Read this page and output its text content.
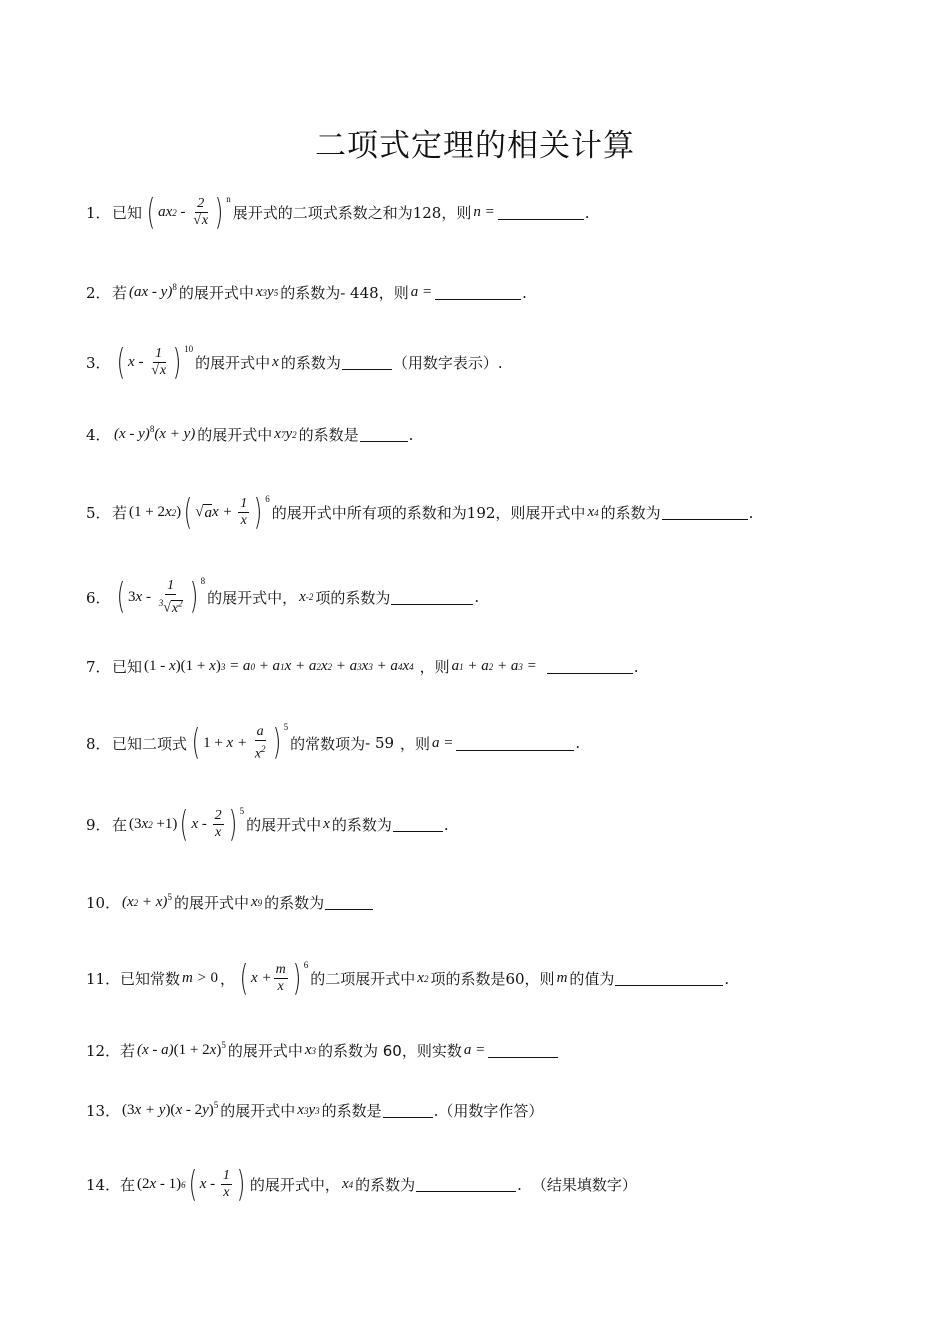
二项式定理的相关计算
1． 已知 ( ax $2 - \frac{2}{√x}$ ) n
展开式的二项式系数之和为 128 ，则 n =	.
2． 若 (ax - y) 8 的展开式中 x 3 y 5 的系数为 - 448 ，则 a =	.
3． ( x - $\frac{1}{√x}$ ) 10
的展开式中 x 的系数为	（用数字表示）.
4． (x - y) 8 (x + y) 的展开式中 x 7 y 2 的系数是	.
5． 若 (1 + 2 x 2 ) ( √ a $x + \frac{1}{x}$ ) 6
的展开式中所有项的系数和为 192 ，则展开式中 x 4 的系数为	.
6． ( 3 x - $\frac{1}{^3√x^2}$ ) 8
的展开式中， x -2 项的系数为	.
7． 已知 (1 - x )(1 + x ) 3 = a 0 + a 1 x + a 2 x 2 + a 3 x 3 + a 4 x 4 ，则 a 1 + a 2 + a 3 =	.
8． 已知二项式 ( $1 + x + \frac{a}{x^2}$ ) 5
的常数项为 - 59 ，则 a =	.
9． 在 (3 x 2 +1) ( x - $\frac{2}{x}$ ) 5
的展开式中 x 的系数为	.
10． (x 2 + x) 5 的展开式中 x 9 的系数为
11． 已知常数 m > 0 ， ( $x + \frac{m}{x}$ ) 6
的二项展开式中 x 2 项的系数是 60 ，则 m 的值为	.
12． 若 (x - a) (1 + 2 x ) 5 的展开式中 x 3 的系数为 60，则实数 a =
13． (3 x + y )( x - 2 y ) 5 的展开式中 x 3 y 3 的系数是	.（用数字作答）
14． 在 (2 x - 1) 6 ( x - $\frac{1}{x}$ ) 的展开式中， x 4 的系数为	. （结果填数字）
